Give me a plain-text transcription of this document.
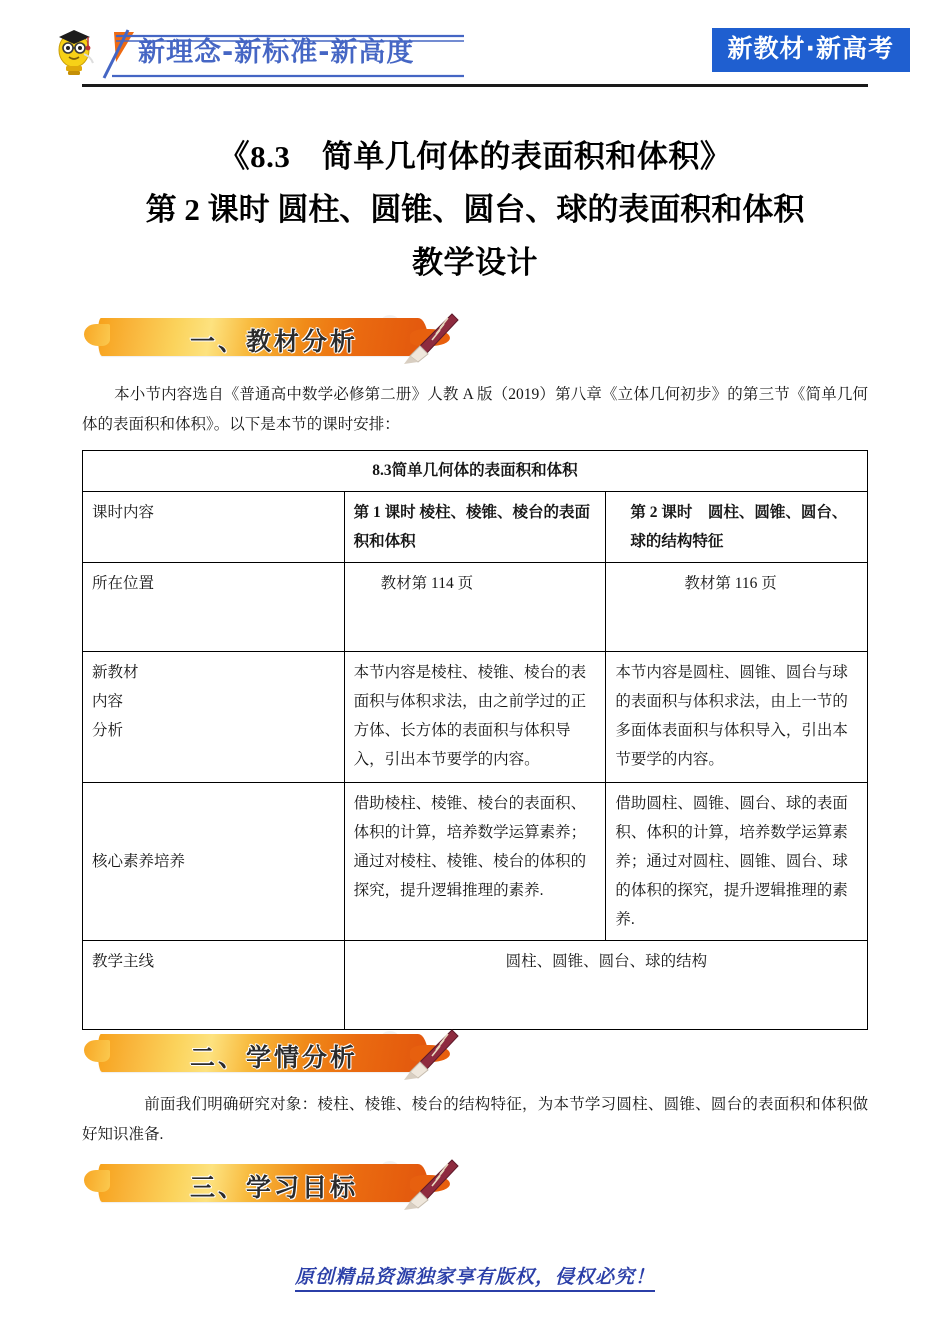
新理念-新标准-新高度	新教材·新高考
《8.3　简单几何体的表面积和体积》
第 2 课时 圆柱、圆锥、圆台、球的表面积和体积
教学设计
一、教材分析
本小节内容选自《普通高中数学必修第二册》人教 A 版（2019）第八章《立体几何初步》的第三节《简单几何体的表面积和体积》。以下是本节的课时安排：
8.3简单几何体的表面积和体积		
课时内容	第 1 课时 棱柱、棱锥、棱台的表面积和体积	第 2 课时　圆柱、圆锥、圆台、球的结构特征
所在位置	教材第 114 页	教材第 116 页

新教材
内容
分析	本节内容是棱柱、棱锥、棱台的表面积与体积求法，由之前学过的正方体、长方体的表面积与体积导入，引出本节要学的内容。	本节内容是圆柱、圆锥、圆台与球的表面积与体积求法，由上一节的多面体表面积与体积导入，引出本节要学的内容。
核心素养培养	借助棱柱、棱锥、棱台的表面积、体积的计算，培养数学运算素养；通过对棱柱、棱锥、棱台的体积的探究，提升逻辑推理的素养.	借助圆柱、圆锥、圆台、球的表面积、体积的计算，培养数学运算素养；通过对圆柱、圆锥、圆台、球的体积的探究，提升逻辑推理的素养.
教学主线	圆柱、圆锥、圆台、球的结构	
二、学情分析
前面我们明确研究对象：棱柱、棱锥、棱台的结构特征，为本节学习圆柱、圆锥、圆台的表面积和体积做好知识准备.
三、学习目标
原创精品资源独家享有版权，侵权必究！
